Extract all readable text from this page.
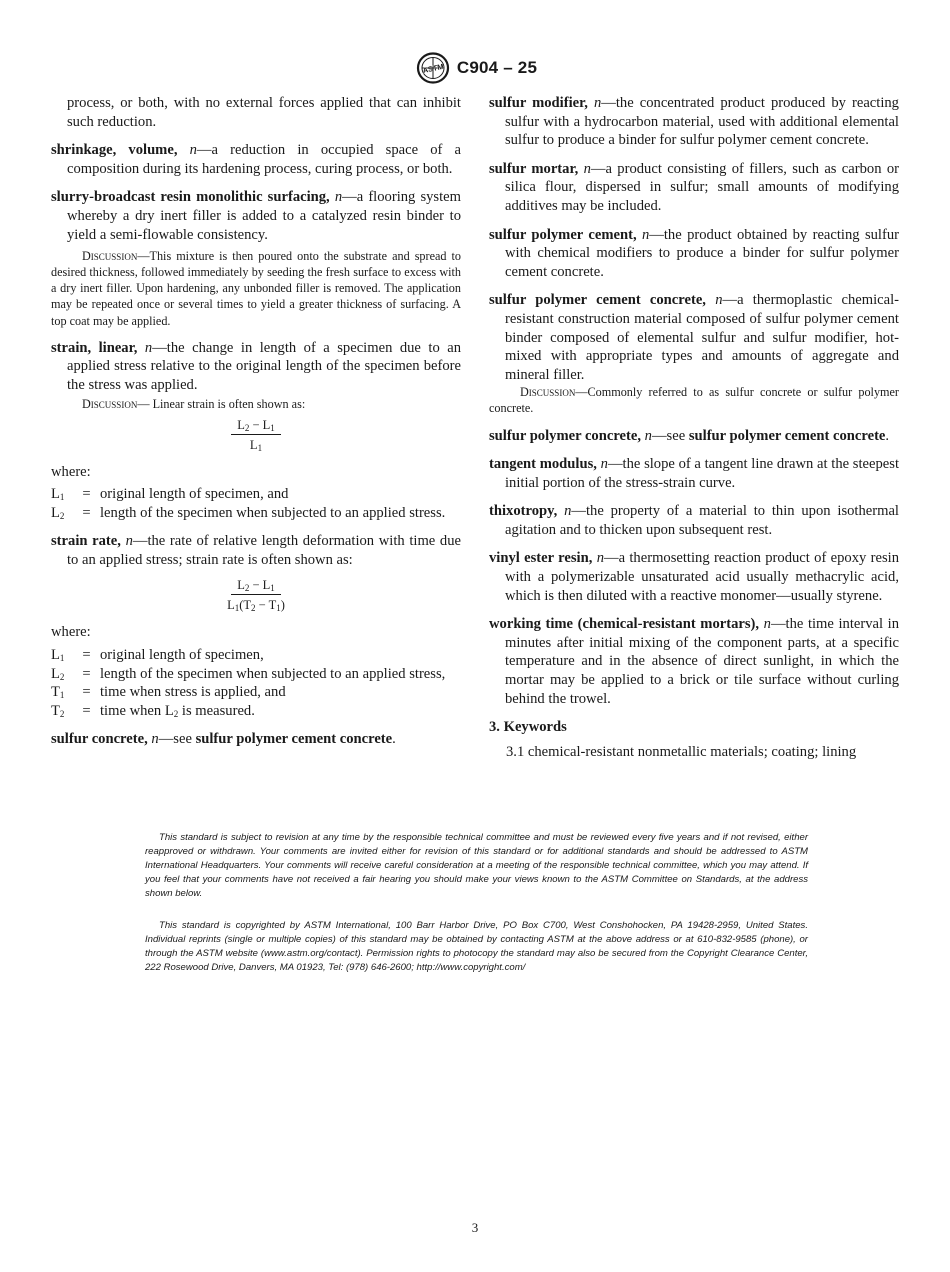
ASTM C904 – 25

process, or both, with no external forces applied that can inhibit such reduction.

shrinkage, volume, n—a reduction in occupied space of a composition during its hardening process, curing process, or both.

slurry-broadcast resin monolithic surfacing, n—a flooring system whereby a dry inert filler is added to a catalyzed resin binder to yield a semi-flowable consistency.

Discussion—This mixture is then poured onto the substrate and spread to desired thickness, followed immediately by seeding the fresh surface to excess with a dry inert filler. Upon hardening, any unbonded filler is removed. The application may be repeated once or several times to yield a greater thickness of surfacing. A top coat may be applied.

strain, linear, n—the change in length of a specimen due to an applied stress relative to the original length of the specimen before the stress was applied.

Discussion— Linear strain is often shown as:

$L_2 - L_1$
$L_1$

where:

$L_1$	=	original length of specimen, and
$L_2$	=	length of the specimen when subjected to an applied stress.

strain rate, n—the rate of relative length deformation with time due to an applied stress; strain rate is often shown as:

$L_2 - L_1$
$L_1(T_2 - T_1)$

where:

$L_1$	=	original length of specimen,
$L_2$	=	length of the specimen when subjected to an applied stress,
$T_1$	=	time when stress is applied, and
$T_2$	=	time when $L_2$ is measured.

sulfur concrete, n—see sulfur polymer cement concrete.

sulfur modifier, n—the concentrated product produced by reacting sulfur with a hydrocarbon material, used with additional elemental sulfur to produce a binder for sulfur polymer cement concrete.

sulfur mortar, n—a product consisting of fillers, such as carbon or silica flour, dispersed in sulfur; small amounts of modifying additives may be included.

sulfur polymer cement, n—the product obtained by reacting sulfur with chemical modifiers to produce a binder for sulfur polymer cement concrete.

sulfur polymer cement concrete, n—a thermoplastic chemical-resistant construction material composed of sulfur polymer cement binder composed of elemental sulfur and sulfur modifier, hot-mixed with appropriate types and amounts of aggregate and mineral filler.

Discussion—Commonly referred to as sulfur concrete or sulfur polymer concrete.

sulfur polymer concrete, n—see sulfur polymer cement concrete.

tangent modulus, n—the slope of a tangent line drawn at the steepest initial portion of the stress-strain curve.

thixotropy, n—the property of a material to thin upon isothermal agitation and to thicken upon subsequent rest.

vinyl ester resin, n—a thermosetting reaction product of epoxy resin with a polymerizable unsaturated acid usually methacrylic acid, which is then diluted with a reactive monomer—usually styrene.

working time (chemical-resistant mortars), n—the time interval in minutes after initial mixing of the component parts, at a specific temperature and in the absence of direct sunlight, in which the mortar may be applied to a brick or tile surface without curling behind the trowel.

3. Keywords

3.1 chemical-resistant nonmetallic materials; coating; lining

This standard is subject to revision at any time by the responsible technical committee and must be reviewed every five years and if not revised, either reapproved or withdrawn. Your comments are invited either for revision of this standard or for additional standards and should be addressed to ASTM International Headquarters. Your comments will receive careful consideration at a meeting of the responsible technical committee, which you may attend. If you feel that your comments have not received a fair hearing you should make your views known to the ASTM Committee on Standards, at the address shown below.

This standard is copyrighted by ASTM International, 100 Barr Harbor Drive, PO Box C700, West Conshohocken, PA 19428-2959, United States. Individual reprints (single or multiple copies) of this standard may be obtained by contacting ASTM at the above address or at 610-832-9585 (phone), or through the ASTM website (www.astm.org/contact). Permission rights to photocopy the standard may also be secured from the Copyright Clearance Center, 222 Rosewood Drive, Danvers, MA 01923, Tel: (978) 646-2600; http://www.copyright.com/

3
